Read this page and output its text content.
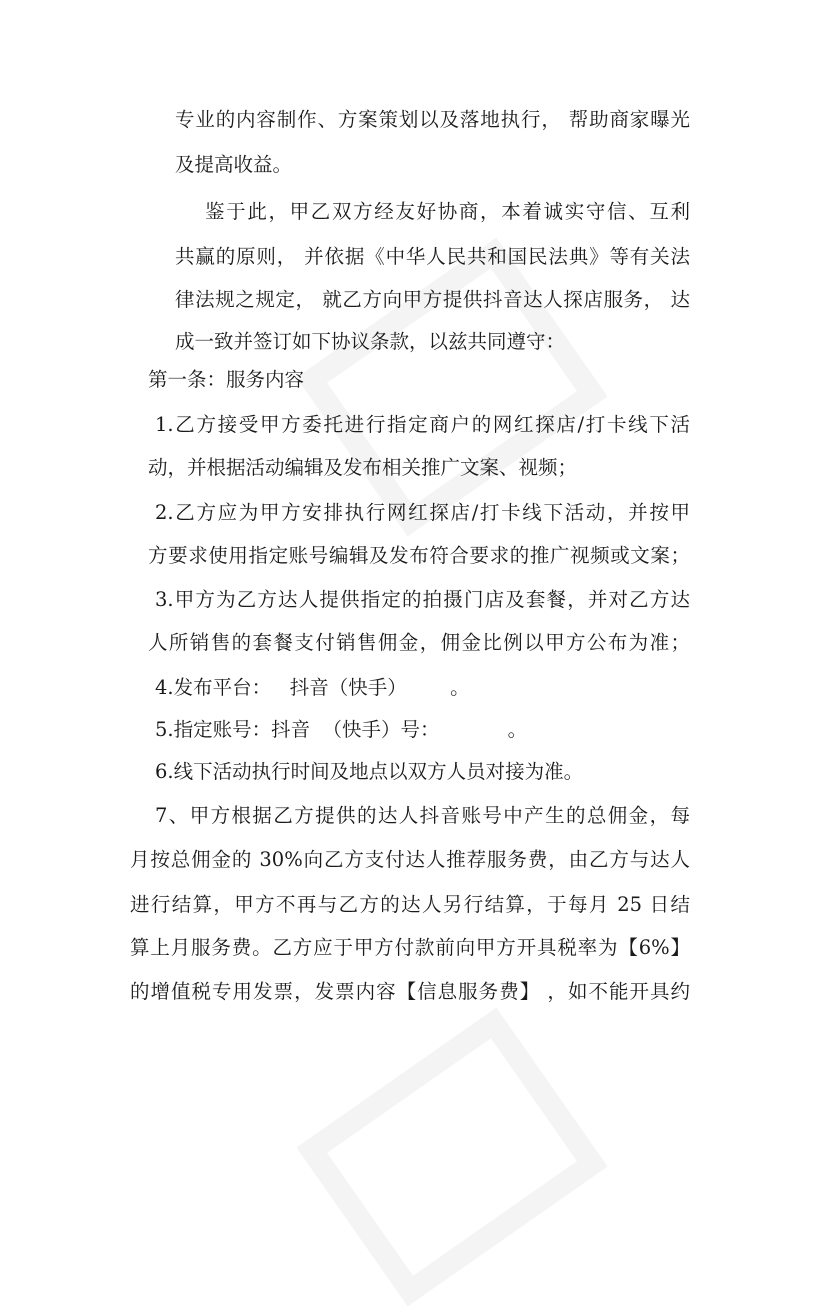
专业的内容制作、方案策划以及落地执行， 帮助商家曝光
及提高收益。
鉴于此，甲乙双方经友好协商，本着诚实守信、互利
共赢的原则， 并依据《中华人民共和国民法典》等有关法
律法规之规定， 就乙方向甲方提供抖音达人探店服务， 达
成一致并签订如下协议条款，以兹共同遵守：
第一条：服务内容
1.乙方接受甲方委托进行指定商户的网红探店/打卡线下活
动，并根据活动编辑及发布相关推广文案、视频；
2.乙方应为甲方安排执行网红探店/打卡线下活动，并按甲
方要求使用指定账号编辑及发布符合要求的推广视频或文案；
3.甲方为乙方达人提供指定的拍摄门店及套餐，并对乙方达
人所销售的套餐支付销售佣金，佣金比例以甲方公布为准；
4.发布平台：   抖音（快手）       。
5.指定账号：抖音  （快手）号：           。
6.线下活动执行时间及地点以双方人员对接为准。
7、甲方根据乙方提供的达人抖音账号中产生的总佣金，每
月按总佣金的 30%向乙方支付达人推荐服务费，由乙方与达人
进行结算，甲方不再与乙方的达人另行结算，于每月 25 日结
算上月服务费。乙方应于甲方付款前向甲方开具税率为【6%】
的增值税专用发票，发票内容【信息服务费】 ，如不能开具约
